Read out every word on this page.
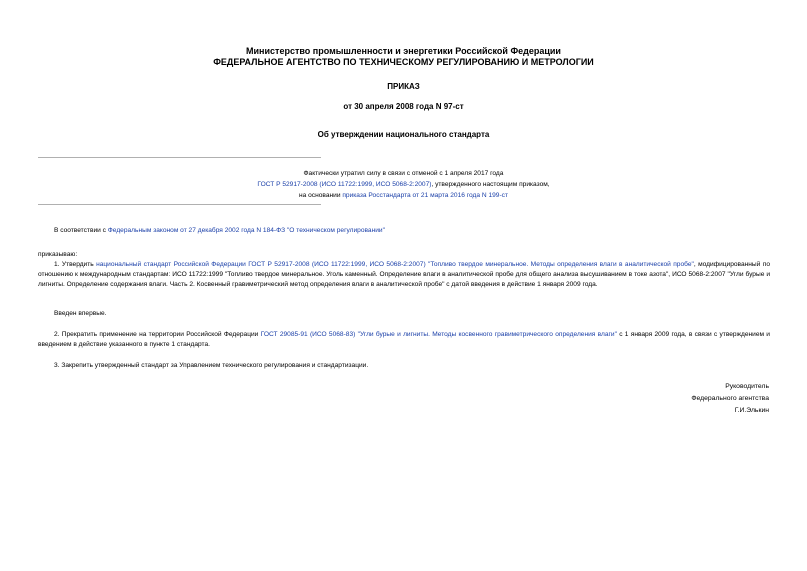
Министерство промышленности и энергетики Российской Федерации
ФЕДЕРАЛЬНОЕ АГЕНТСТВО ПО ТЕХНИЧЕСКОМУ РЕГУЛИРОВАНИЮ И МЕТРОЛОГИИ
ПРИКАЗ
от 30 апреля 2008 года N 97-ст
Об утверждении национального стандарта
Фактически утратил силу в связи с отменой с 1 апреля 2017 года
ГОСТ Р 52917-2008 (ИСО 11722:1999, ИСО 5068-2:2007), утвержденного настоящим приказом,
на основании приказа Росстандарта от 21 марта 2016 года N 199-ст
В соответствии с Федеральным законом от 27 декабря 2002 года N 184-ФЗ "О техническом регулировании"
приказываю:
1. Утвердить национальный стандарт Российской Федерации ГОСТ Р 52917-2008 (ИСО 11722:1999, ИСО 5068-2:2007) "Топливо твердое минеральное. Методы определения влаги в аналитической пробе", модифицированный по отношению к международным стандартам: ИСО 11722:1999 "Топливо твердое минеральное. Уголь каменный. Определение влаги в аналитической пробе для общего анализа высушиванием в токе азота", ИСО 5068-2:2007 "Угли бурые и лигниты. Определение содержания влаги. Часть 2. Косвенный гравиметрический метод определения влаги в аналитической пробе" с датой введения в действие 1 января 2009 года.
Введен впервые.
2. Прекратить применение на территории Российской Федерации ГОСТ 29085-91 (ИСО 5068-83) "Угли бурые и лигниты. Методы косвенного гравиметрического определения влаги" с 1 января 2009 года, в связи с утверждением и введением в действие указанного в пункте 1 стандарта.
3. Закрепить утвержденный стандарт за Управлением технического регулирования и стандартизации.
Руководитель
Федерального агентства
Г.И.Элькин
